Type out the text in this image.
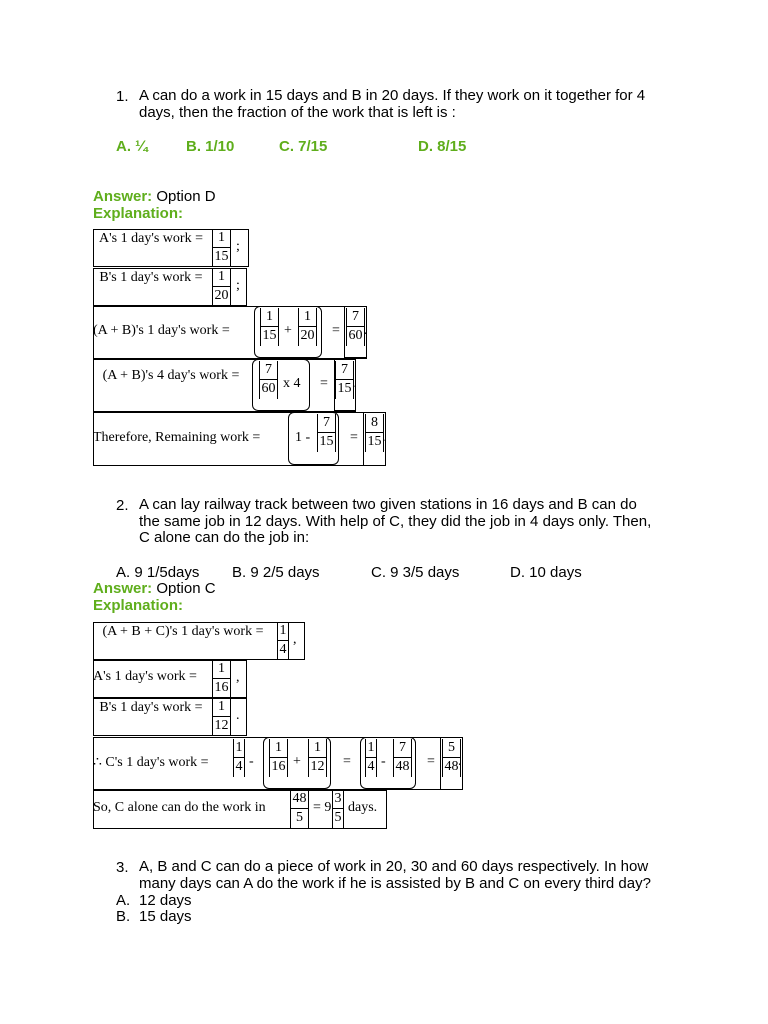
1. A can do a work in 15 days and B in 20 days. If they work on it together for 4
days, then the fraction of the work that is left is :
A. ¼	B. 1/10	C. 7/15	D. 8/15
Answer: Option D
Explanation:
A's 1 day's work = $\frac{1}{15}$ ;
B's 1 day's work = $\frac{1}{20}$ ;
(A + B)'s 1 day's work = $\frac{1}{15} + \frac{1}{20} = \frac{7}{60}$ .
(A + B)'s 4 day's work =	$\frac{7}{60}$ x $4 = \frac{7}{15}$
.
Therefore, Remaining work = $1 - \frac{7}{15} = \frac{8}{15}$
.
2. A can lay railway track between two given stations in 16 days and B can do
the same job in 12 days. With help of C, they did the job in 4 days only. Then,
C alone can do the job in:
A. 9 1/5days B. 9 2/5 days	C. 9 3/5 days	D. 10 days
Answer: Option C
Explanation:
(A + B + C)'s 1 day's work = $\frac{1}{4}$ ,
A's 1 day's work = $\frac{1}{16}$ ,
B's 1 day's work = $\frac{1}{12}$ .
∴ C's 1 day's work = $\frac{1}{4} - \frac{1}{16} + \frac{1}{12} = \frac{1}{4} - \frac{7}{48} = \frac{5}{48}$
.
So, C alone can do the work in $\frac{48}{5} = 9 \frac{3}{5}$ days.
3. A, B and C can do a piece of work in 20, 30 and 60 days respectively. In how
many days can A do the work if he is assisted by B and C on every third day?
A. 12 days
B. 15 days
